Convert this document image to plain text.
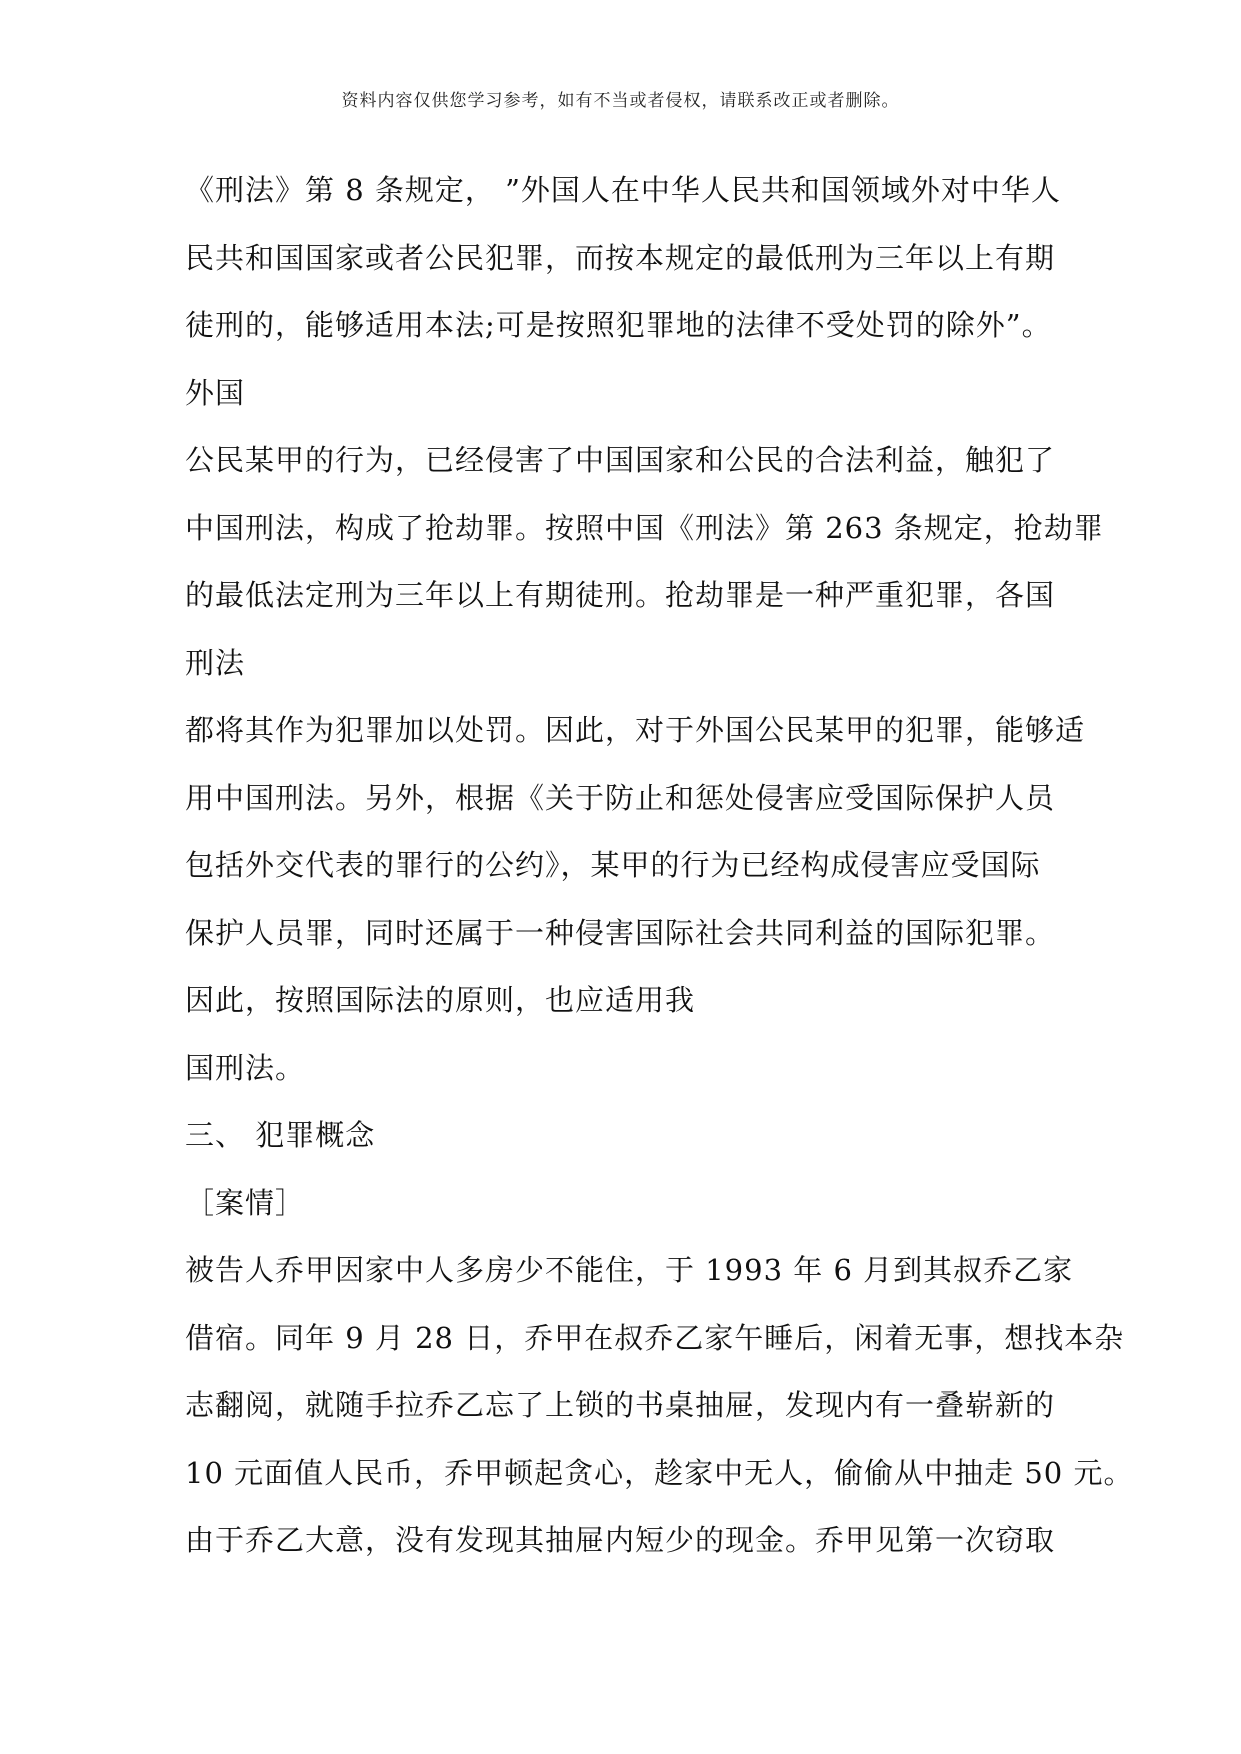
资料内容仅供您学习参考，如有不当或者侵权，请联系改正或者删除。
《刑法》第 8 条规定， ”外国人在中华人民共和国领域外对中华人
民共和国国家或者公民犯罪，而按本规定的最低刑为三年以上有期
徒刑的，能够适用本法;可是按照犯罪地的法律不受处罚的除外”。
外国
公民某甲的行为，已经侵害了中国国家和公民的合法利益，触犯了
中国刑法，构成了抢劫罪。按照中国《刑法》第 263 条规定，抢劫罪
的最低法定刑为三年以上有期徒刑。抢劫罪是一种严重犯罪，各国
刑法
都将其作为犯罪加以处罚。因此，对于外国公民某甲的犯罪，能够适
用中国刑法。另外，根据《关于防止和惩处侵害应受国际保护人员
包括外交代表的罪行的公约》，某甲的行为已经构成侵害应受国际
保护人员罪，同时还属于一种侵害国际社会共同利益的国际犯罪。
因此，按照国际法的原则，也应适用我
国刑法。
三、 犯罪概念
［案情］
被告人乔甲因家中人多房少不能住，于 1993 年 6 月到其叔乔乙家
借宿。同年 9 月 28 日，乔甲在叔乔乙家午睡后，闲着无事，想找本杂
志翻阅，就随手拉乔乙忘了上锁的书桌抽屉，发现内有一叠崭新的
10 元面值人民币，乔甲顿起贪心，趁家中无人，偷偷从中抽走 50 元。
由于乔乙大意，没有发现其抽屉内短少的现金。乔甲见第一次窃取
